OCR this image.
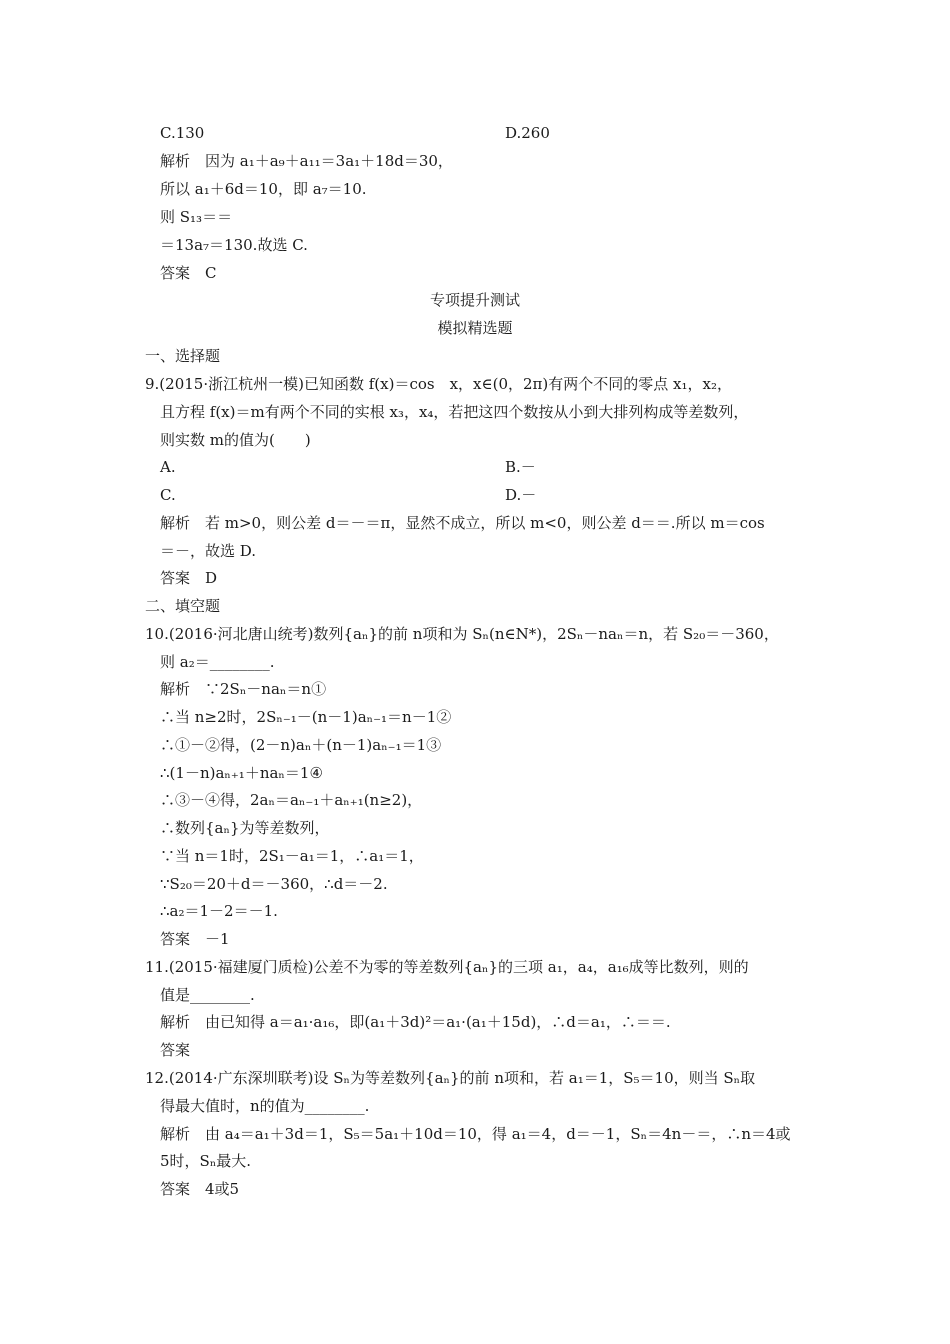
C.130	D.260
解析　因为 a₁＋a₉＋a₁₁＝3a₁＋18d＝30，
所以 a₁＋6d＝10，即 a₇＝10.
则 S₁₃＝＝
＝13a₇＝130.故选 C.
答案　C
专项提升测试
模拟精选题
一、选择题
9.(2015·浙江杭州一模)已知函数 f(x)＝cos　x，x∈(0，2π)有两个不同的零点 x₁，x₂，
且方程 f(x)＝m有两个不同的实根 x₃，x₄，若把这四个数按从小到大排列构成等差数列，
则实数 m的值为(　　)
A.	B.－
C.	D.－
解析　若 m>0，则公差 d＝－＝π，显然不成立，所以 m<0，则公差 d＝＝.所以 m＝cos
＝－，故选 D.
答案　D
二、填空题
10.(2016·河北唐山统考)数列{aₙ}的前 n项和为 Sₙ(n∈N*)，2Sₙ－naₙ＝n，若 S₂₀＝－360，
则 a₂＝________.
解析　∵2Sₙ－naₙ＝n①
∴当 n≥2时，2Sₙ₋₁－(n－1)aₙ₋₁＝n－1②
∴①－②得，(2－n)aₙ＋(n－1)aₙ₋₁＝1③
∴(1－n)aₙ₊₁＋naₙ＝1④
∴③－④得，2aₙ＝aₙ₋₁＋aₙ₊₁(n≥2)，
∴数列{aₙ}为等差数列，
∵当 n＝1时，2S₁－a₁＝1，∴a₁＝1，
∵S₂₀＝20＋d＝－360，∴d＝－2.
∴a₂＝1－2＝－1.
答案　－1
11.(2015·福建厦门质检)公差不为零的等差数列{aₙ}的三项 a₁，a₄，a₁₆成等比数列，则的
值是________.
解析　由已知得 a＝a₁·a₁₆，即(a₁＋3d)²＝a₁·(a₁＋15d)，∴d＝a₁，∴＝＝.
答案
12.(2014·广东深圳联考)设 Sₙ为等差数列{aₙ}的前 n项和，若 a₁＝1，S₅＝10，则当 Sₙ取
得最大值时，n的值为________.
解析　由 a₄＝a₁＋3d＝1，S₅＝5a₁＋10d＝10，得 a₁＝4，d＝－1，Sₙ＝4n－＝，∴n＝4或
5时，Sₙ最大.
答案　4或5
